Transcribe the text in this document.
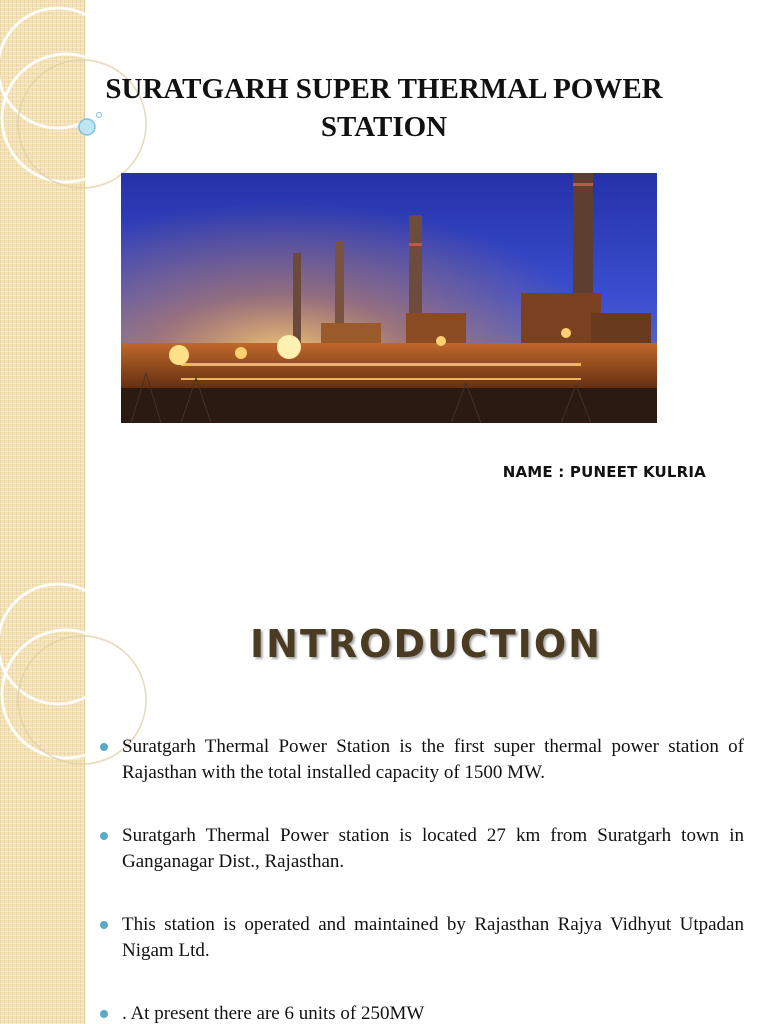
SURATGARH SUPER THERMAL POWER STATION
NAME : PUNEET KULRIA
INTRODUCTION
Suratgarh Thermal Power Station is the first super thermal power station of Rajasthan with the total installed capacity of 1500 MW.
Suratgarh Thermal Power station is located 27 km from Suratgarh town in Ganganagar Dist., Rajasthan.
This station is operated and maintained by Rajasthan Rajya Vidhyut Utpadan Nigam Ltd.
. At present there are 6 units of 250MW
